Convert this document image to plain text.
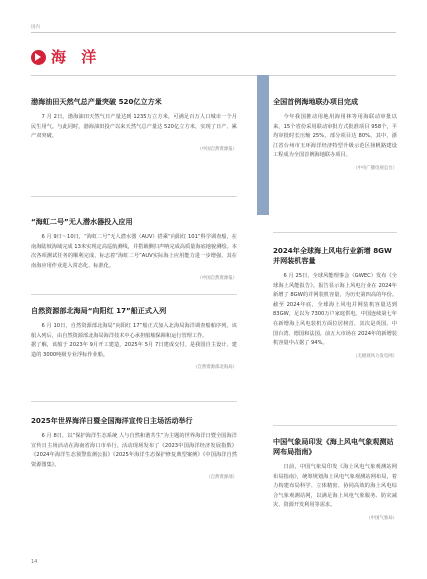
国内
海 洋
渤海油田天然气总产量突破 520亿立方米
7 月 2日，渤海油田天然气日产量达到 1235万立方米，可满足百万人口城市一个月民生用气。与此同时，渤海油田投产以来天然气总产量达 520亿立方米，实现了日产、累产双突破。
（中国自然资源报）
“海虹二号”无人潜水器投入应用
6 月 9日～10日，“海虹二号”无人潜水器（AUV）搭乘“向阳红 101”科学调查船，在南海陆坡海域完成 13米实现定高巡航测线，并搭载侧扫声呐完成高质量海底地貌测绘。本次各项测试任务的顺利完成，标志着“海虹二号”AUV实际海上应用能力进一步增强，其在南海应用作业进入常态化、标准化。
（中国自然资源报）
自然资源部北海局“向阳红 17”船正式入列
6 月 10日，自然资源部北海局“向阳红 17”船正式加入北海局海洋调查船舶序列。该船入列后，由自然资源部北海局海洋技术中心承担船舶保障和运行管理工作。
据了解，该船于 2023年 9月开工建造，2025年 5月 7日建成交付。是我国自主设计、建造的 3000吨级专业浮标作业船。
（自然资源部北海局）
2025年世界海洋日暨全国海洋宣传日主场活动举行
6 月 8日，以“保护海洋生态系统 人与自然和谐共生”为主题的世界海洋日暨全国海洋宣传日主场活动在海南省海口市举行。活动现场发布了《2023中国海洋经济发展指数》《2024年海洋生态预警监测公报》《2025年海洋生态保护修复典型案例》《中国海洋自然资源图集》。
（自然资源部）
全国首例海地联办项目完成
今年我国推动用地用海用林等用海联动审批以来，15个省份采用联动审批方式批准项目 958个，平均审批时长压缩 25%，部分项目达 80%。其中，浙江省台州市玉环海洋经济特型升级示范区扬帆路建设工程成为全国首例海地联办项目。
（中央广播电视总台）
2024年全球海上风电行业新增 8GW并网装机容量
6 月 25日，全球风能理事会（GWEC）发布《全球海上风能报告》。报告显示海上风电行业在 2024年新增了 8GW的并网装机容量，为历史第四高的年份。截至 2024年底，全球海上风电并网装机容量达到 83GW，足以为 7300万户家庭供电。中国连续第七年在新增海上风电装机方面位居榜首，其次是英国、中国台湾、德国和法国。前五大市场在 2024年的新增装机容量中占据了 94%。
（无极观风力发电网）
中国气象局印发《海上风电气象观测站网布局指南》
日前，中国气象局印发《海上风电气象观测站网布局指南》，统筹规划海上风电气象观测站网布局，着力构建布局科学、立体精密、协同高效的海上风电综合气象观测站网，以满足海上风电气象服务、防灾减灾、资源开发利用等需求。
（中国气象局）
14
